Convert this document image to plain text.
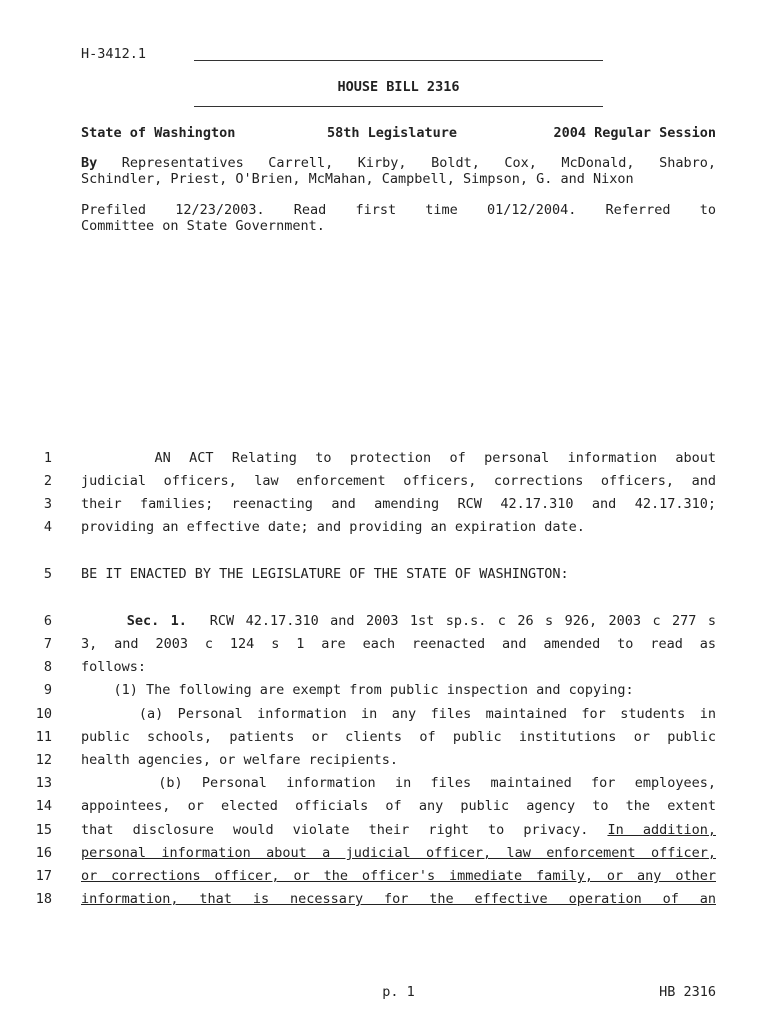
H-3412.1
HOUSE BILL 2316
State of Washington	58th Legislature	2004 Regular Session
By Representatives Carrell, Kirby, Boldt, Cox, McDonald, Shabro,
Schindler, Priest, O'Brien, McMahan, Campbell, Simpson, G. and Nixon
Prefiled 12/23/2003. Read first time 01/12/2004. Referred to
Committee on State Government.
1	AN ACT Relating to protection of personal information about
2 judicial officers, law enforcement officers, corrections officers, and
3 their families; reenacting and amending RCW 42.17.310 and 42.17.310;
4 providing an effective date; and providing an expiration date.
5 BE IT ENACTED BY THE LEGISLATURE OF THE STATE OF WASHINGTON:
6	Sec. 1. RCW 42.17.310 and 2003 1st sp.s. c 26 s 926, 2003 c 277 s
7 3, and 2003 c 124 s 1 are each reenacted and amended to read as
8 follows:
9 (1) The following are exempt from public inspection and copying:
10	(a) Personal information in any files maintained for students in
11 public schools, patients or clients of public institutions or public
12 health agencies, or welfare recipients.
13	(b) Personal information in files maintained for employees,
14 appointees, or elected officials of any public agency to the extent
15 that disclosure would violate their right to privacy. In addition,
16 personal information about a judicial officer, law enforcement officer,
17 or corrections officer, or the officer's immediate family, or any other
18 information, that is necessary for the effective operation of an
p. 1	HB 2316
